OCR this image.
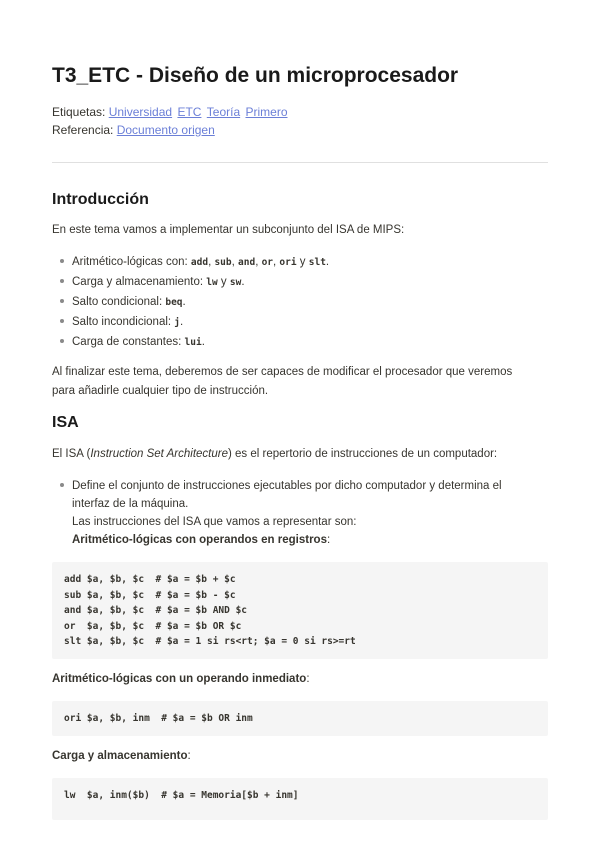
T3_ETC - Diseño de un microprocesador
Etiquetas: Universidad ETC Teoría Primero
Referencia: Documento origen
Introducción

En este tema vamos a implementar un subconjunto del ISA de MIPS:

Aritmético-lógicas con: add, sub, and, or, ori y slt.
Carga y almacenamiento: lw y sw.
Salto condicional: beq.
Salto incondicional: j.
Carga de constantes: lui.

Al finalizar este tema, deberemos de ser capaces de modificar el procesador que veremos

para añadirle cualquier tipo de instrucción.

ISA

El ISA (Instruction Set Architecture) es el repertorio de instrucciones de un computador:

Define el conjunto de instrucciones ejecutables por dicho computador y determina el
interfaz de la máquina.
Las instrucciones del ISA que vamos a representar son:
Aritmético-lógicas con operandos en registros:
add $a, $b, $c  # $a = $b + $c
sub $a, $b, $c  # $a = $b - $c
and $a, $b, $c  # $a = $b AND $c
or  $a, $b, $c  # $a = $b OR $c
slt $a, $b, $c  # $a = 1 si rs<rt; $a = 0 si rs>=rt
Aritmético-lógicas con un operando inmediato:
ori $a, $b, inm  # $a = $b OR inm
Carga y almacenamiento:
lw  $a, inm($b)  # $a = Memoria[$b + inm]
